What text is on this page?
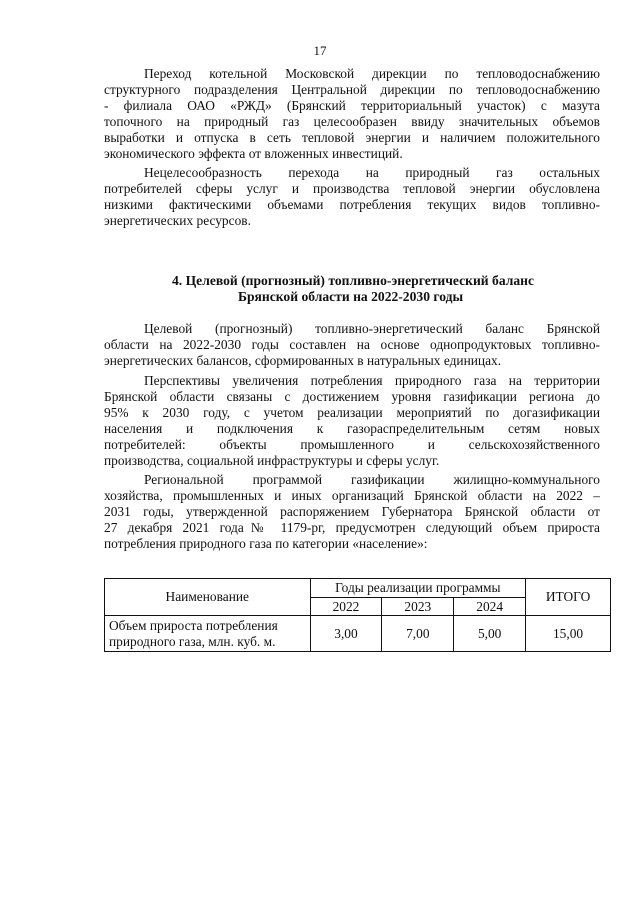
17
Переход котельной Московской дирекции по тепловодоснабжению
структурного подразделения Центральной дирекции по тепловодоснабжению
- филиала ОАО «РЖД» (Брянский территориальный участок) с мазута
топочного на природный газ целесообразен ввиду значительных объемов
выработки и отпуска в сеть тепловой энергии и наличием положительного
экономического эффекта от вложенных инвестиций.
Нецелесообразность перехода на природный газ остальных
потребителей сферы услуг и производства тепловой энергии обусловлена
низкими фактическими объемами потребления текущих видов топливно-
энергетических ресурсов.
4. Целевой (прогнозный) топливно-энергетический баланс
Брянской области на 2022-2030 годы
Целевой (прогнозный) топливно-энергетический баланс Брянской
области на 2022-2030 годы составлен на основе однопродуктовых топливно-
энергетических балансов, сформированных в натуральных единицах.
Перспективы увеличения потребления природного газа на территории
Брянской области связаны с достижением уровня газификации региона до
95% к 2030 году, с учетом реализации мероприятий по догазификации
населения и подключения к газораспределительным сетям новых
потребителей: объекты промышленного и сельскохозяйственного
производства, социальной инфраструктуры и сферы услуг.
Региональной программой газификации жилищно-коммунального
хозяйства, промышленных и иных организаций Брянской области на 2022 –
2031 годы, утвержденной распоряжением Губернатора Брянской области от
27 декабря 2021 года№ 1179-рг, предусмотрен следующий объем прироста
потребления природного газа по категории «население»:
Наименование	Годы реализации программы			ИТОГО
	2022	2023	2024	

Объем прироста потребления
природного газа, млн. куб. м.	3,00	7,00	5,00	15,00
